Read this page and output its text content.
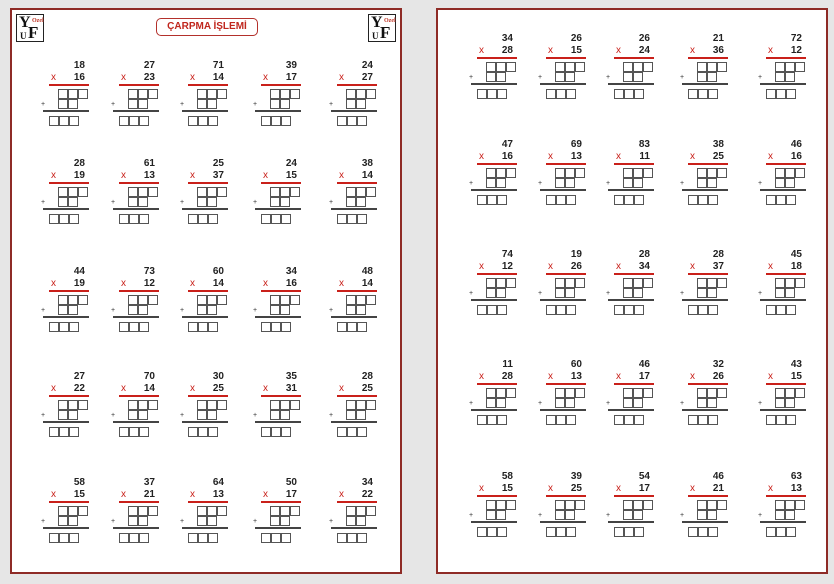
Y Ozel
U F	ÇARPMA İŞLEMİ	Y Ozel
U F
18
x 16
+
27
x 23
+
71
x 14
+
39
x 17
+
24
x 27
+
28
x 19
+
61
x 13
+
25
x 37
+
24
x 15
+
38
x 14
+
44
x 19
+
73
x 12
+
60
x 14
+
34
x 16
+
48
x 14
+
27
x 22
+
70
x 14
+
30
x 25
+
35
x 31
+
28
x 25
+
58
x 15
+
37
x 21
+
64
x 13
+
50
x 17
+
34
x 22
+
34
x 28
+
26
x 15
+
26
x 24
+
21
x 36
+
72
x 12
+
47
x 16
+
69
x 13
+
83
x 11
+
38
x 25
+
46
x 16
+
74
x 12
+
19
x 26
+
28
x 34
+
28
x 37
+
45
x 18
+
11
x 28
+
60
x 13
+
46
x 17
+
32
x 26
+
43
x 15
+
58
x 15
+
39
x 25
+
54
x 17
+
46
x 21
+
63
x 13
+
